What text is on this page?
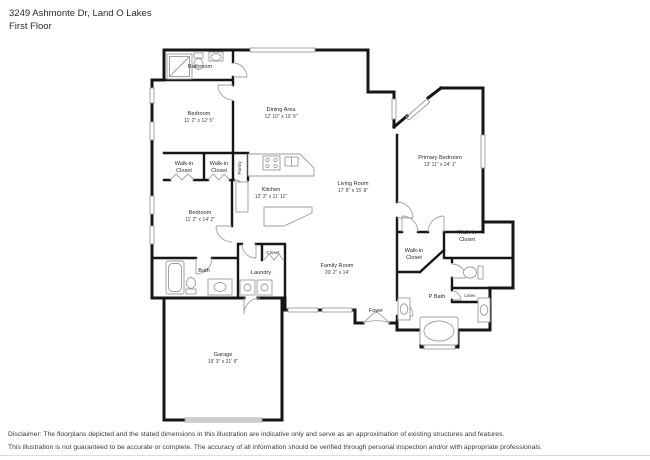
3249 Ashmonte Dr, Land O Lakes
First Floor
Bathroom
Bedroom
11' 2" x 12' 5"
Dining Area
12' 10" x 10' 9"
Walk-in
Closet
Walk-in
Closet Pantry
Kitchen
12' 3" x 11' 11"
Living Room
17' 8" x 15' 8"
Primary Bedroom
13' 11" x 24' 1"
Bedroom
11' 2" x 14' 2"
Bath
Closet
Laundry
Family Room
20' 2" x 14'
Foyer
Walk-in
Closet
Walk-in
Closet
Linen
P Bath
Garage
19' 3" x 21' 9"
Disclaimer: The floorplans depicted and the stated dimensions in this illustration are indicative only and serve as an approximation of existing structures and features.
This illustration is not guaranteed to be accurate or complete. The accuracy of all information should be verified through personal inspection and/or with appropriate professionals.
